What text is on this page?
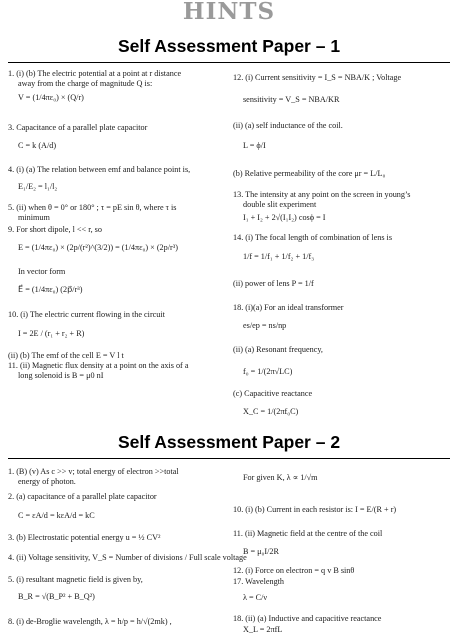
HINTS
Self Assessment Paper – 1
1. (i) (b) The electric potential at a point at r distance
away from the charge of magnitude Q is:
V = (1/4πε₀) × (Q/r)
3. Capacitance of a parallel plate capacitor
C = k (A/d)
4. (i) (a) The relation between emf and balance point is,
E₁/E₂ = l₁/l₂
5. (ii) when θ = 0° or 180° ; τ = pE sin θ, where τ is
minimum
9. For short dipole, l << r, so
E = (1/4πε₀) × (2p/(r²)^(3/2)) = (1/4πε₀) × (2p/r³)
In vector form
E⃗ = (1/4πε₀) (2p⃗/r³)
10. (i) The electric current flowing in the circuit
I = 2E / (r₁ + r₂ + R)
(ii) (b) The emf of the cell E = V l t
11. (ii) Magnetic flux density at a point on the axis of a
long solenoid is B = μ0 nI
12. (i) Current sensitivity = I_S = NBA/K ; Voltage
sensitivity = V_S = NBA/KR
(ii) (a) self inductance of the coil.
L = ϕ/I
(b) Relative permeability of the core μr = L/L₀
13. The intensity at any point on the screen in young’s
double slit experiment
I₁ + I₂ + 2√(I₁I₂) cosϕ = I
14. (i) The focal length of combination of lens is
1/f = 1/f₁ + 1/f₂ + 1/f₃
(ii) power of lens P = 1/f
18. (i)(a) For an ideal transformer
es/ep = ns/np
(ii) (a) Resonant frequency,
f₀ = 1/(2π√LC)
(c) Capacitive reactance
X_C = 1/(2πf₀C)
Self Assessment Paper – 2
1. (B) (v) As c >> v; total energy of electron >>total
energy of photon.
2. (a) capacitance of a parallel plate capacitor
C = εA/d = kεA/d = kC
3. (b) Electrostatic potential energy u = ½ CV²
4. (ii) Voltage sensitivity, V_S = Number of divisions / Full scale voltage
5. (i) resultant magnetic field is given by,
B_R = √(B_P² + B_Q²)
8. (i) de-Broglie wavelength, λ = h/p = h/√(2mk) ,
For given K, λ ∝ 1/√m
10. (i) (b) Current in each resistor is: I = E/(R + r)
11. (ii) Magnetic field at the centre of the coil
B = μ₀I/2R
12. (i) Force on electron = q v B sinθ
17. Wavelength
λ = C/ν
18. (ii) (a) Inductive and capacitive reactance
X_L = 2πfL
